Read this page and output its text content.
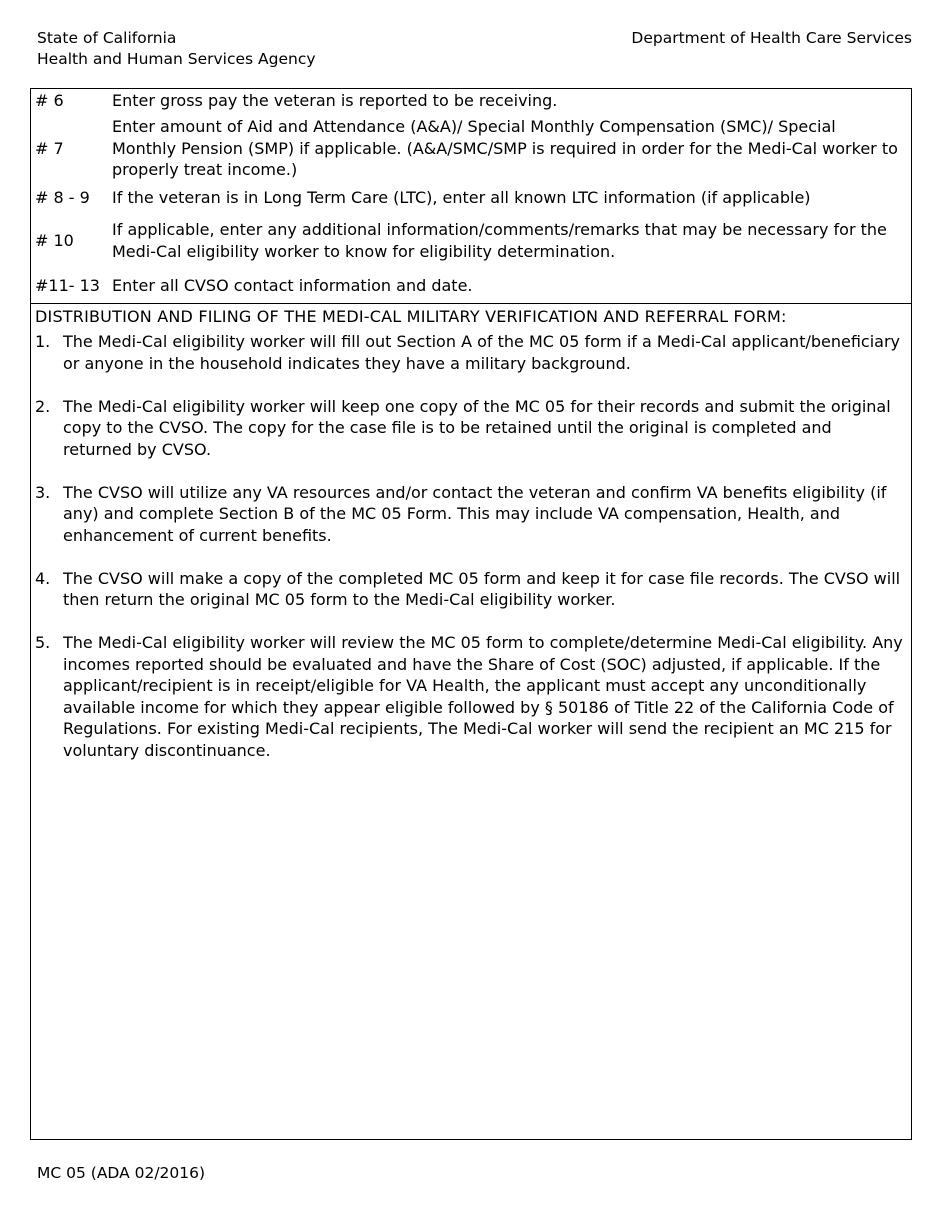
State of California
Health and Human Services Agency
Department of Health Care Services
# 6	Enter gross pay the veteran is reported to be receiving.
# 7
Enter amount of Aid and Attendance (A&A)/ Special Monthly Compensation (SMC)/ Special Monthly Pension (SMP) if applicable. (A&A/SMC/SMP is required in order for the Medi-Cal worker to properly treat income.)
# 8 - 9 If the veteran is in Long Term Care (LTC), enter all known LTC information (if applicable)
# 10
If applicable, enter any additional information/comments/remarks that may be necessary for the Medi-Cal eligibility worker to know for eligibility determination.
#11- 13 Enter all CVSO contact information and date.
DISTRIBUTION AND FILING OF THE MEDI-CAL MILITARY VERIFICATION AND REFERRAL FORM:
1. The Medi-Cal eligibility worker will fill out Section A of the MC 05 form if a Medi-Cal applicant/beneficiary or anyone in the household indicates they have a military background.
2. The Medi-Cal eligibility worker will keep one copy of the MC 05 for their records and submit the original copy to the CVSO. The copy for the case file is to be retained until the original is completed and returned by CVSO.
3. The CVSO will utilize any VA resources and/or contact the veteran and confirm VA benefits eligibility (if any) and complete Section B of the MC 05 Form. This may include VA compensation, Health, and enhancement of current benefits.
4. The CVSO will make a copy of the completed MC 05 form and keep it for case file records. The CVSO will then return the original MC 05 form to the Medi-Cal eligibility worker.
5. The Medi-Cal eligibility worker will review the MC 05 form to complete/determine Medi-Cal eligibility. Any incomes reported should be evaluated and have the Share of Cost (SOC) adjusted, if applicable. If the applicant/recipient is in receipt/eligible for VA Health, the applicant must accept any unconditionally available income for which they appear eligible followed by § 50186 of Title 22 of the California Code of Regulations. For existing Medi-Cal recipients, The Medi-Cal worker will send the recipient an MC 215 for voluntary discontinuance.
MC 05 (ADA 02/2016)
